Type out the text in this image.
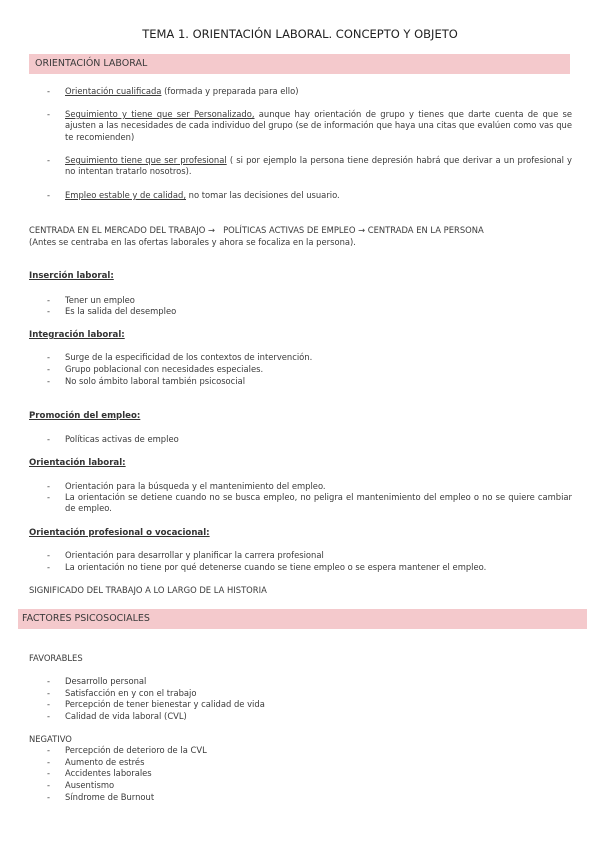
TEMA 1. ORIENTACIÓN LABORAL. CONCEPTO Y OBJETO
ORIENTACIÓN LABORAL
- Orientación cualificada (formada y preparada para ello)
- Seguimiento y tiene que ser Personalizado, aunque hay orientación de grupo y tienes que darte cuenta de que se ajusten a las necesidades de cada individuo del grupo (se de información que haya una citas que evalúen como vas que te recomienden)
- Seguimiento tiene que ser profesional ( si por ejemplo la persona tiene depresión habrá que derivar a un profesional y no intentan tratarlo nosotros).
- Empleo estable y de calidad, no tomar las decisiones del usuario.
CENTRADA EN EL MERCADO DEL TRABAJO → POLÍTICAS ACTIVAS DE EMPLEO → CENTRADA EN LA PERSONA
(Antes se centraba en las ofertas laborales y ahora se focaliza en la persona).
Inserción laboral:
- Tener un empleo
- Es la salida del desempleo
Integración laboral:
- Surge de la especificidad de los contextos de intervención.
- Grupo poblacional con necesidades especiales.
- No solo ámbito laboral también psicosocial
Promoción del empleo:
- Políticas activas de empleo
Orientación laboral:
- Orientación para la búsqueda y el mantenimiento del empleo.
- La orientación se detiene cuando no se busca empleo, no peligra el mantenimiento del empleo o no se quiere cambiar de empleo.
Orientación profesional o vocacional:
- Orientación para desarrollar y planificar la carrera profesional
- La orientación no tiene por qué detenerse cuando se tiene empleo o se espera mantener el empleo.
SIGNIFICADO DEL TRABAJO A LO LARGO DE LA HISTORIA
FACTORES PSICOSOCIALES
FAVORABLES
- Desarrollo personal
- Satisfacción en y con el trabajo
- Percepción de tener bienestar y calidad de vida
- Calidad de vida laboral (CVL)
NEGATIVO
- Percepción de deterioro de la CVL
- Aumento de estrés
- Accidentes laborales
- Ausentismo
- Síndrome de Burnout
